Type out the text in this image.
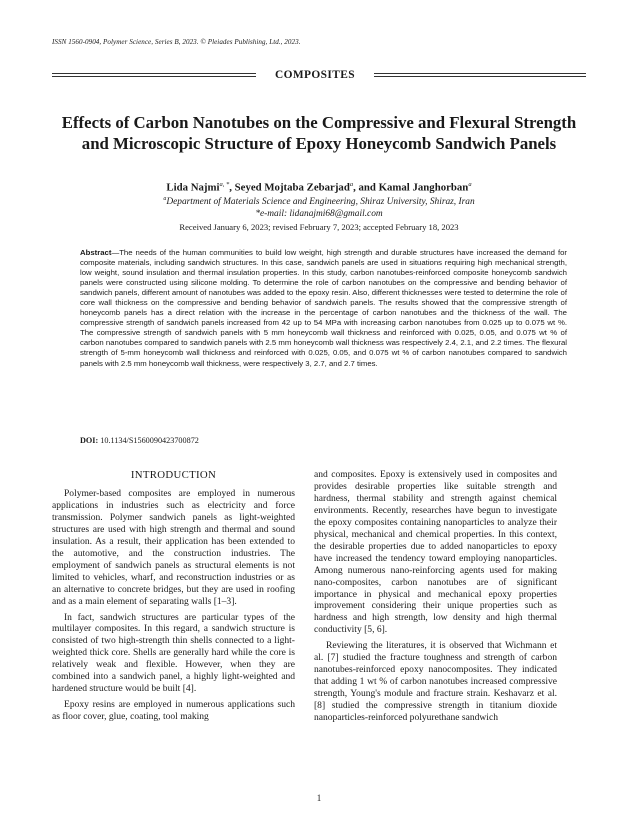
ISSN 1560-0904, Polymer Science, Series B, 2023. © Pleiades Publishing, Ltd., 2023.
COMPOSITES
Effects of Carbon Nanotubes on the Compressive and Flexural Strength and Microscopic Structure of Epoxy Honeycomb Sandwich Panels
Lida Najmi$^{a, *}$, Seyed Mojtaba Zebarjad$^a$, and Kamal Janghorban$^a$
$^a$Department of Materials Science and Engineering, Shiraz University, Shiraz, Iran
*e-mail: lidanajmi68@gmail.com
Received January 6, 2023; revised February 7, 2023; accepted February 18, 2023
Abstract—The needs of the human communities to build low weight, high strength and durable structures have increased the demand for composite materials, including sandwich structures. In this case, sandwich panels are used in situations requiring high mechanical strength, low weight, sound insulation and thermal insulation properties. In this study, carbon nanotubes-reinforced composite honeycomb sandwich panels were constructed using silicone molding. To determine the role of carbon nanotubes on the compressive and bending behavior of sandwich panels, different amount of nanotubes was added to the epoxy resin. Also, different thicknesses were tested to determine the role of core wall thickness on the compressive and bending behavior of sandwich panels. The results showed that the compressive strength of honeycomb panels has a direct relation with the increase in the percentage of carbon nanotubes and the thickness of the wall. The compressive strength of sandwich panels increased from 42 up to 54 MPa with increasing carbon nanotubes from 0.025 up to 0.075 wt %. The compressive strength of sandwich panels with 5 mm honeycomb wall thickness and reinforced with 0.025, 0.05, and 0.075 wt % of carbon nanotubes compared to sandwich panels with 2.5 mm honeycomb wall thickness was respectively 2.4, 2.1, and 2.2 times. The flexural strength of 5-mm honeycomb wall thickness and reinforced with 0.025, 0.05, and 0.075 wt % of carbon nanotubes compared to sandwich panels with 2.5 mm honeycomb wall thickness, were respectively 3, 2.7, and 2.7 times.
DOI: 10.1134/S1560090423700872
INTRODUCTION

Polymer-based composites are employed in numerous applications in industries such as electricity and force transmission. Polymer sandwich panels as light-weighted structures are used with high strength and thermal and sound insulation. As a result, their application has been extended to the automotive, and the construction industries. The employment of sandwich panels as structural elements is not limited to vehicles, wharf, and reconstruction industries or as an alternative to concrete bridges, but they are used in roofing and as a main element of separating walls [1–3].

In fact, sandwich structures are particular types of the multilayer composites. In this regard, a sandwich structure is consisted of two high-strength thin shells connected to a light-weighted thick core. Shells are generally hard while the core is relatively weak and flexible. However, when they are combined into a sandwich panel, a highly light-weighted and hardened structure would be built [4].

Epoxy resins are employed in numerous applications such as floor cover, glue, coating, tool making

and composites. Epoxy is extensively used in composites and provides desirable properties like suitable strength and hardness, thermal stability and strength against chemical environments. Recently, researches have begun to investigate the epoxy composites containing nanoparticles to analyze their physical, mechanical and chemical properties. In this context, the desirable properties due to added nanoparticles to epoxy have increased the tendency toward employing nanoparticles. Among numerous nano-reinforcing agents used for making nano-composites, carbon nanotubes are of significant importance in physical and mechanical epoxy properties improvement considering their unique properties such as hardness and high strength, low density and high thermal conductivity [5, 6].

Reviewing the literatures, it is observed that Wichmann et al. [7] studied the fracture toughness and strength of carbon nanotubes-reinforced epoxy nanocomposites. They indicated that adding 1 wt % of carbon nanotubes increased compressive strength, Young's module and fracture strain. Keshavarz et al. [8] studied the compressive strength in titanium dioxide nanoparticles-reinforced polyurethane sandwich

1
